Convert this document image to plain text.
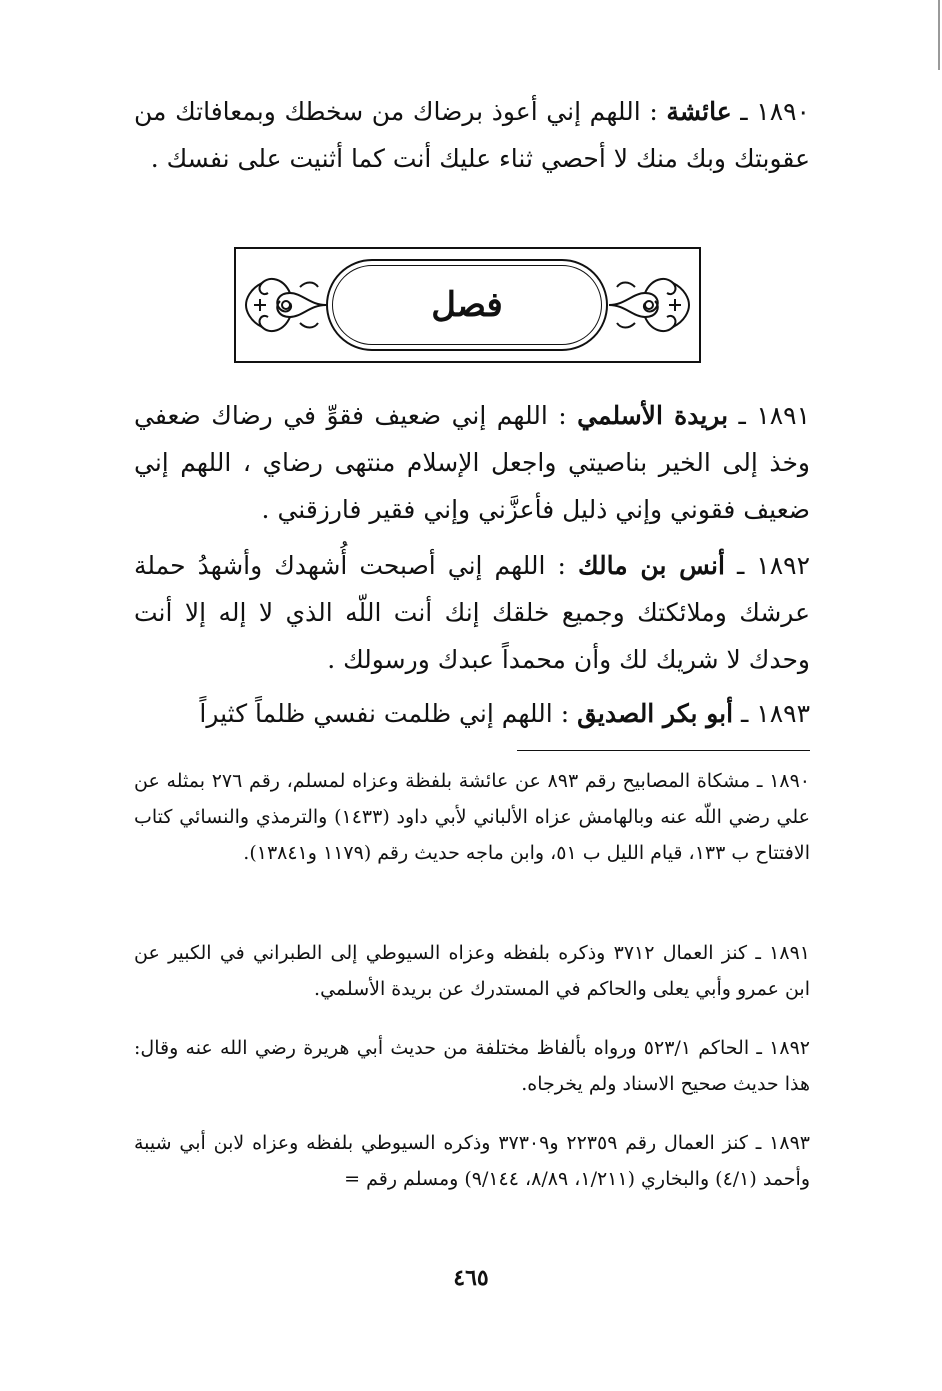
١٨٩٠ ـ عائشة : اللهم إني أعوذ برضاك من سخطك وبمعافاتك من عقوبتك وبك منك لا أحصي ثناء عليك أنت كما أثنيت على نفسك .
فصل
١٨٩١ ـ بريدة الأسلمي : اللهم إني ضعيف فقوِّ في رضاك ضعفي وخذ إلى الخير بناصيتي واجعل الإسلام منتهى رضاي ، اللهم إني ضعيف فقوني وإني ذليل فأعزَّني وإني فقير فارزقني .
١٨٩٢ ـ أنس بن مالك : اللهم إني أصبحت أُشهدك وأشهدُ حملة عرشك وملائكتك وجميع خلقك إنك أنت اللّه الذي لا إله إلا أنت وحدك لا شريك لك وأن محمداً عبدك ورسولك .
١٨٩٣ ـ أبو بكر الصديق : اللهم إني ظلمت نفسي ظلماً كثيراً
١٨٩٠ ـ مشكاة المصابيح رقم ٨٩٣ عن عائشة بلفظة وعزاه لمسلم، رقم ٢٧٦ بمثله عن علي رضي اللّه عنه وبالهامش عزاه الألباني لأبي داود (١٤٣٣) والترمذي والنسائي كتاب الافتتاح ب ١٣٣، قيام الليل ب ٥١، وابن ماجه حديث رقم (١١٧٩ و١٣٨٤١).
١٨٩١ ـ كنز العمال ٣٧١٢ وذكره بلفظه وعزاه السيوطي إلى الطبراني في الكبير عن ابن عمرو وأبي يعلى والحاكم في المستدرك عن بريدة الأسلمي.
١٨٩٢ ـ الحاكم ٥٢٣/١ ورواه بألفاظ مختلفة من حديث أبي هريرة رضي الله عنه وقال: هذا حديث صحيح الاسناد ولم يخرجاه.
١٨٩٣ ـ كنز العمال رقم ٢٢٣٥٩ و٣٧٣٠٩ وذكره السيوطي بلفظه وعزاه لابن أبي شيبة وأحمد (٤/١) والبخاري (١/٢١١، ٨/٨٩، ٩/١٤٤) ومسلم رقم =
٤٦٥
